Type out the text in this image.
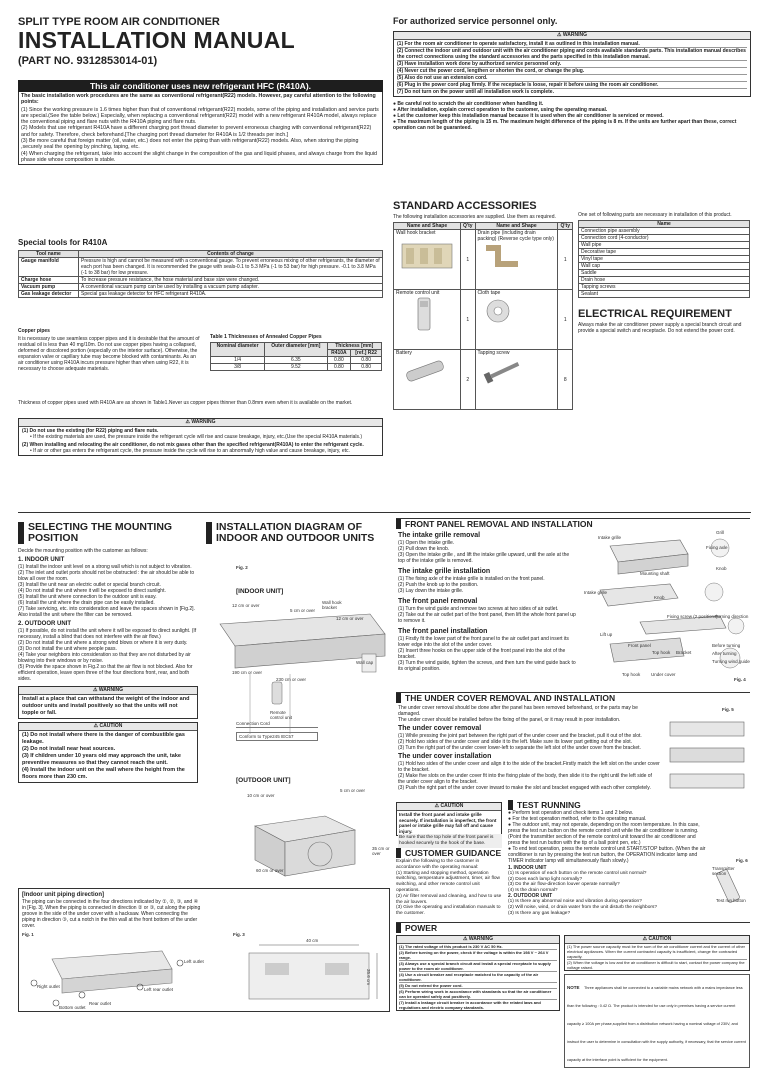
SPLIT TYPE ROOM AIR CONDITIONER
INSTALLATION MANUAL
(PART NO. 9312853014-01)
This air conditioner uses new refrigerant HFC (R410A).
The basic installation work procedures are the same as conventional refrigerant(R22) models. However, pay careful attention to the following points:
(1) Since the working pressure is 1.6 times higher than that of conventional refrigerant(R22) models, some of the piping and installation and service parts are special.(See the table below.) Especially, when replacing a conventional refrigerant(R22) model with a new refrigerant R410A model, always replace the conventional piping and flare nuts with the R410A piping and flare nuts.
(2) Models that use refrigerant R410A have a different charging port thread diameter to prevent erroneous charging with conventional refrigerant(R22) and for safety. Therefore, check beforehand.[The charging port thread diameter for R410A is 1/2 threads per inch.]
(3) Be more careful that foreign matter (oil, water, etc.) does not enter the piping than with refrigerant(R22) models. Also, when storing the piping ,securely seal the opening by pinching, taping, etc.
(4) When charging the refrigerant, take into account the slight change in the composition of the gas and liquid phases, and always charge from the liquid phase side whose composition is stable.
Special tools for R410A
Tool name	Contents of change
Gauge manifold	Pressure is high and cannot be measured with a conventional gauge. To prevent erroneous mixing of other refrigerants, the diameter of each port has been changed. It is recommended the gauge with seals-0.1 to 5.3 MPa (-1 to 53 bar) for high pressure. -0.1 to 3.8 MPa (-1 to 38 bar) for low pressure.
Charge hose	To increase pressure resistance, the hose material and base size were changed.
Vacuum pump	A conventional vacuum pump can be used by installing a vacuum pump adapter.
Gas leakage detector	Special gas leakage detector for HFC refrigerant R410A.
Copper pipes
It is necessary to use seamless copper pipes and it is desirable that the amount of residual oil is less than 40 mg/10m. Do not use copper pipes having a collapsed, deformed or discolored portion (especially on the interior surface). Otherwise, the expansion valve or capillary tube may become blocked with contaminants. As an air conditioner using R410A incurs pressure higher than when using R22, it is necessary to choose adequate materials.
Table 1 Thicknesses of Annealed Copper Pipes
Nominal diameter	Outer diameter [mm]	Thickness [mm]	
		R410A	[ref.] R22
1/4	6.35	0.80	0.80
3/8	9.52	0.80	0.80
Thickness of copper pipes used with R410A are as shown in Table1.Never us copper pipes thinner than 0.8mm even when it is available on the market.
⚠ WARNING
(1) Do not use the existing (for R22) piping and flare nuts.
• If the existing materials are used, the pressure inside the refrigerant cycle will rise and cause breakage, injury, etc.(Use the special R410A materials.)
(2) When installing and relocating the air conditioner, do not mix gases other than the specified refrigerant(R410A) to enter the refrigerant cycle.
• If air or other gas enters the refrigerant cycle, the pressure inside the cycle will rise to an abnormally high value and cause breakage, injury, etc.
For authorized service personnel only.
⚠ WARNING
(1) For the room air conditioner to operate satisfactory, install it as outlined in this installation manual.
(2) Connect the indoor unit and outdoor unit with the air conditioner piping and cords available standards parts. This installation manual describes the correct connections using the standard accessories and the parts specified in this installation manual.
(3) Have installation work done by authorized service personnel only.
(4) Never cut the power cord, lengthen or shorten the cord, or change the plug.
(5) Also do not use an extension cord.
(6) Plug in the power cord plug firmly. If the receptacle is loose, repair it before using the room air conditioner.
(7) Do not turn on the power until all installation work is complete.
● Be careful not to scratch the air conditioner when handling it.
● After installation, explain correct operation to the customer, using the operating manual.
● Let the customer keep this installation manual because it is used when the air conditioner is serviced or moved.
● The maximum length of the piping is 15 m. The maximum height difference of the piping is 8 m. If the units are further apart than these, correct operation can not be guaranteed.
STANDARD ACCESSORIES
The following installation accessories are supplied. Use them as required.
Name and Shape	Q'ty	Name and Shape	Q'ty

Wall hook bracket	1	Drain pipe (including drain packing) (Reverse cycle type only)	1

Remote control unit	1	Cloth tape	1

Battery	2	Tapping screw	8
One set of following parts are necessary in installation of this product.
Name
Connection pipe assembly
Connection cord (4-conductor)
Wall pipe
Decorative tape
Vinyl tape
Wall cap
Saddle
Drain hose
Tapping screws
Sealant
ELECTRICAL REQUIREMENT
Always make the air conditioner power supply a special branch circuit and provide a special switch and receptacle. Do not extend the power cord.
SELECTING THE MOUNTING
POSITION
Decide the mounting position with the customer as follows:
1. INDOOR UNIT
(1) Install the indoor unit level on a strong wall which is not subject to vibration.
(2) The inlet and outlet ports should not be obstructed : the air should be able to blow all over the room.
(3) Install the unit near an electric outlet or special branch circuit.
(4) Do not install the unit where it will be exposed to direct sunlight.
(5) Install the unit where connection to the outdoor unit is easy.
(6) Install the unit where the drain pipe can be easily installed.
(7) Take servicing, etc. into consideration and leave the spaces shown in [Fig.2]. Also install the unit where the filter can be removed.
2. OUTDOOR UNIT
(1) If possible, do not install the unit where it will be exposed to direct sunlight. (If necessary, install a blind that does not interfere with the air flow.)
(2) Do not install the unit where a strong wind blows or where it is very dusty.
(3) Do not install the unit where people pass.
(4) Take your neighbors into consideration so that they are not disturbed by air blowing into their windows or by noise.
(5) Provide the space shown in Fig.2 so that the air flow is not blocked. Also for efficient operation, leave open three of the four directions front, rear, and both sides.
⚠ WARNING
Install at a place that can withstand the weight of the indoor and outdoor units and install positively so that the units will not topple or fall.
⚠ CAUTION
(1) Do not install where there is the danger of combustible gas leakage.
(2) Do not install near heat sources.
(3) If children under 10 years old may approach the unit, take preventive measures so that they cannot reach the unit.
(4) Install the indoor unit on the wall where the height from the floors more than 230 cm.
[Indoor unit piping direction]
The piping can be connected in the four directions indicated by ①, ②, ③, and ④ in [Fig. 3]. When the piping is connected in direction ② or ③, cut along the piping groove in the side of the under cover with a hacksaw. When connecting the piping in direction ③, cut a notch in the thin wall at the front bottom of the under cover.
Fig. 1
Right outlet
Rear outlet
Left rear outlet
Left outlet
Bottom outlet
Fig. 3
40 cm
35.6 cm
INSTALLATION DIAGRAM OF
INDOOR AND OUTDOOR UNITS
Fig. 2
[INDOOR UNIT]
12 cm or over
5 cm or over
Wall hook bracket
12 cm or over
Wall cap
190 cm or over
230 cm or over
Remote control unit
Connection Cord
Conform to Type245 IEC57
[OUTDOOR UNIT]
10 cm or over
5 cm or over
60 cm or over
35 cm or over
FRONT PANEL REMOVAL AND INSTALLATION
The intake grille removal
(1) Open the intake grille.
(2) Pull down the knob.
(3) Open the intake grille , and lift the intake grille upward, until the axle at the top of the intake grille is removed.
The intake grille installation
(1) The fixing axle of the intake grille is installed on the front panel.
(2) Push the knob up to the position.
(3) Lay down the intake grille.
The front panel removal
(1) Turn the wind guide and remove two screws at two sides of air outlet.
(2) Take out the air outlet part of the front panel, then lift the whole front panel up to remove it.
The front panel installation
(1) Firstly fit the lower part of the front panel to the air outlet part and insert its lower edge into the slot of the under cover.
(2) Insert three hooks on the upper side of the front panel into the slot of the bracket.
(3) Turn the wind guide, tighten the screws, and then turn the wind guide back to its original position.
Intake grille
Grill
Fixing axle
Knob
Mounting shaft
Intake grille
Knob
Fixing screw (2 positions)
Turning direction
Lift up
Front panel
Top hook Bracket
Before turning
After turning
Turning wind guide
Top hook Under cover
Fig. 4
THE UNDER COVER REMOVAL AND INSTALLATION
The under cover removal should be done after the panel has been removed beforehand, or the parts may be damaged.
The under cover should be installed before the fixing of the panel, or it may result in poor installation.
The under cover removal
(1) While pressing the joint part between the right part of the under cover and the bracket, pull it out of the slot.
(2) Hold two sides of the under cover and slide it to the left. Make sure its lower part getting out of the slot.
(3) Turn the right part of the under cover lower-left to separate the left slot of the under cover from the bracket.
The under cover installation
(1) Hold two sides of the under cover and align it to the side of the bracket.Firstly match the left slot on the under cover to the bracket.
(2) Make five slots on the under cover fit into the fixing plate of the body, then slide it to the right until the left side of the under cover align to the bracket.
(3) Push the right part of the under cover inward to make the slot and bracket engaged with each other completely.
Fig. 5
⚠ CAUTION
Install the front panel and intake grille securely. If installation is imperfect, the front panel or intake grille may fall off and cause injury.
Be sure that the top hole of the front panel is hooked securely to the hook of the base.
CUSTOMER GUIDANCE
Explain the following to the customer in accordance with the operating manual:
(1) Starting and stopping method, operation switching, temperature adjustment, timer, air flow switching, and other remote control unit operations.
(2) Air filter removal and cleaning, and how to use the air louvers.
(3) Give the operating and installation manuals to the customer.
TEST RUNNING
● Perform test operation and check items 1 and 2 below.
● For the test operation method, refer to the operating manual.
● The outdoor unit, may not operate, depending on the room temperature. In this case, press the test run button on the remote control unit while the air conditioner is running. (Point the transmitter section of the remote control unit toward the air conditioner and press the test run button with the tip of a ball point pen, etc.)
● To end test operation, press the remote control unit START/STOP button. (When the air conditioner is run by pressing the test run button, the OPERATION indicator lamp and TIMER indicator lamp will simultaneously flash slowly.)
1. INDOOR UNIT
(1) Is operation of each button on the remote control unit normal?
(2) Does each lamp light normally?
(3) Do the air flow-direction louver operate normally?
(4) Is the drain normal?
2. OUTDOOR UNIT
(1) Is there any abnormal noise and vibration during operation?
(2) Will noise, wind, or drain water from the unit disturb the neighbors?
(3) Is there any gas leakage?
Fig. 6
Transmitter section
Test run button
POWER
⚠ WARNING
(1) The rated voltage of this product is 230 V AC 50 Hz.
(2) Before turning on the power, check if the voltage is within the 198 V ~ 264 V range.
(3) Always use a special branch circuit and install a special receptacle to supply power to the room air conditioner.
(4) Use a circuit breaker and receptacle matched to the capacity of the air conditioner.
(5) Do not extend the power cord.
(6) Perform wiring work in accordance with standards so that the air conditioner can be operated safely and positively.
(7) Install a leakage circuit breaker in accordance with the related laws and regulations and electric company standards.
⚠ CAUTION
(1) The power source capacity must be the sum of the air conditioner current and the current of other electrical appliances. When the current contracted capacity is insufficient, change the contracted capacity.
(2) When the voltage is low and the air conditioner is difficult to start, contact the power company the voltage raised.
NOTE Three appliances shall be connected to a variable mains network with a mains impedance less than the following : 0.42 Ω. The product is intended for use only in premises having a service current capacity ≥ 100A per phase,supplied from a distribution network having a nominal voltage of 230V, and instruct the user to determine in consultation with the supply authority, if necessary, that the service current capacity at the interface point is sufficient for the equipment.
